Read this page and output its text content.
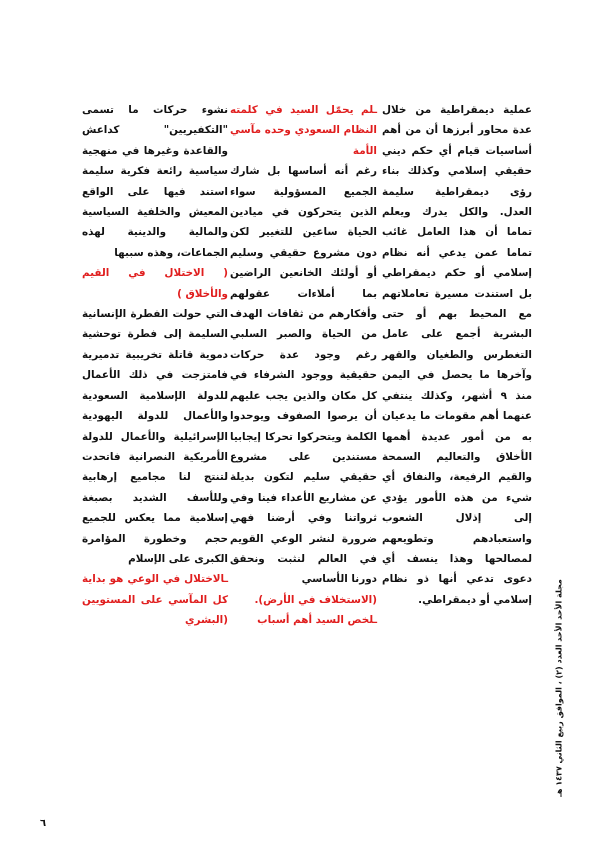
عملية ديمقراطية من خلال عدة محاور أبرزها أن من أهم أساسيات قيام أي حكم ديني حقيقي إسلامي وكذلك بناء رؤى ديمقراطية سليمة العدل. والكل يدرك ويعلم تماما أن هذا العامل غائب تماما عمن يدعي أنه نظام إسلامي أو حكم ديمقراطي بل استندت مسيرة تعاملاتهم مع المحيط بهم أو حتى البشرية أجمع على عامل التغطرس والطغيان والقهر وآخرها ما يحصل في اليمن منذ ٩ أشهر، وكذلك ينتفي عنهما أهم مقومات ما يدعيان به من أمور عديدة أهمها الأخلاق والتعاليم السمحة والقيم الرفيعة، والنفاق أي شيء من هذه الأمور يؤدي إلى إذلال الشعوب واستعبادهم وتطويعهم لمصالحها وهذا ينسف أي دعوى تدعي أنها ذو نظام إسلامي أو ديمقراطي.

ـلم يحمّل السيد في كلمته النظام السعودي وحده مآسي الأمة

رغم أنه أساسها بل شارك الجميع المسؤولية سواء الذين يتحركون في ميادين الحياة ساعين للتغيير لكن دون مشروع حقيقي وسليم أو أولئك الخانعين الراضين بما أملاءات عقولهم وأفكارهم من ثقافات الهدف من الحياة والصبر السلبي رغم وجود عدة حركات حقيقية ووجود الشرفاء في كل مكان والذين يجب عليهم أن يرصوا الصفوف ويوحدوا الكلمة ويتحركوا تحركا إيجابيا مستندين على مشروع حقيقي سليم لتكون بديلة عن مشاريع الأعداء فينا وفي ثرواتنا وفي أرضنا فهي ضرورة لنشر الوعي القويم في العالم لنثبت ونحقق دورنا الأساسي

(الاستخلاف في الأرض).

ـلخص السيد أهم أسباب

نشوء حركات ما تسمى "التكفيريين" كداعش والقاعدة وغيرها في منهجية سياسية رائعة فكرية سليمة استند فيها على الواقع المعيش والخلفية السياسية والمالية والدينية لهذه الجماعات، وهذه سببها

( الاختلال في القيم والأخلاق )

التي حولت الفطرة الإنسانية السليمة إلى فطرة توحشية دموية قاتلة تخريبية تدميرية فامتزجت في ذلك الأعمال للدولة الإسلامية السعودية والأعمال للدولة اليهودية الإسرائيلية والأعمال للدولة الأمريكية النصرانية فاتحدت لتنتج لنا مجاميع إرهابية وللأسف الشديد بصبغة إسلامية مما يعكس للجميع حجم وخطورة المؤامرة الكبرى على الإسلام

ـالاختلال في الوعي هو بداية كل المآسي على المستويين (البشري

مجلة الأحد الأحد العدد (٢) ، الموافق ربيع الثاني ١٤٣٧ هـ
٦
